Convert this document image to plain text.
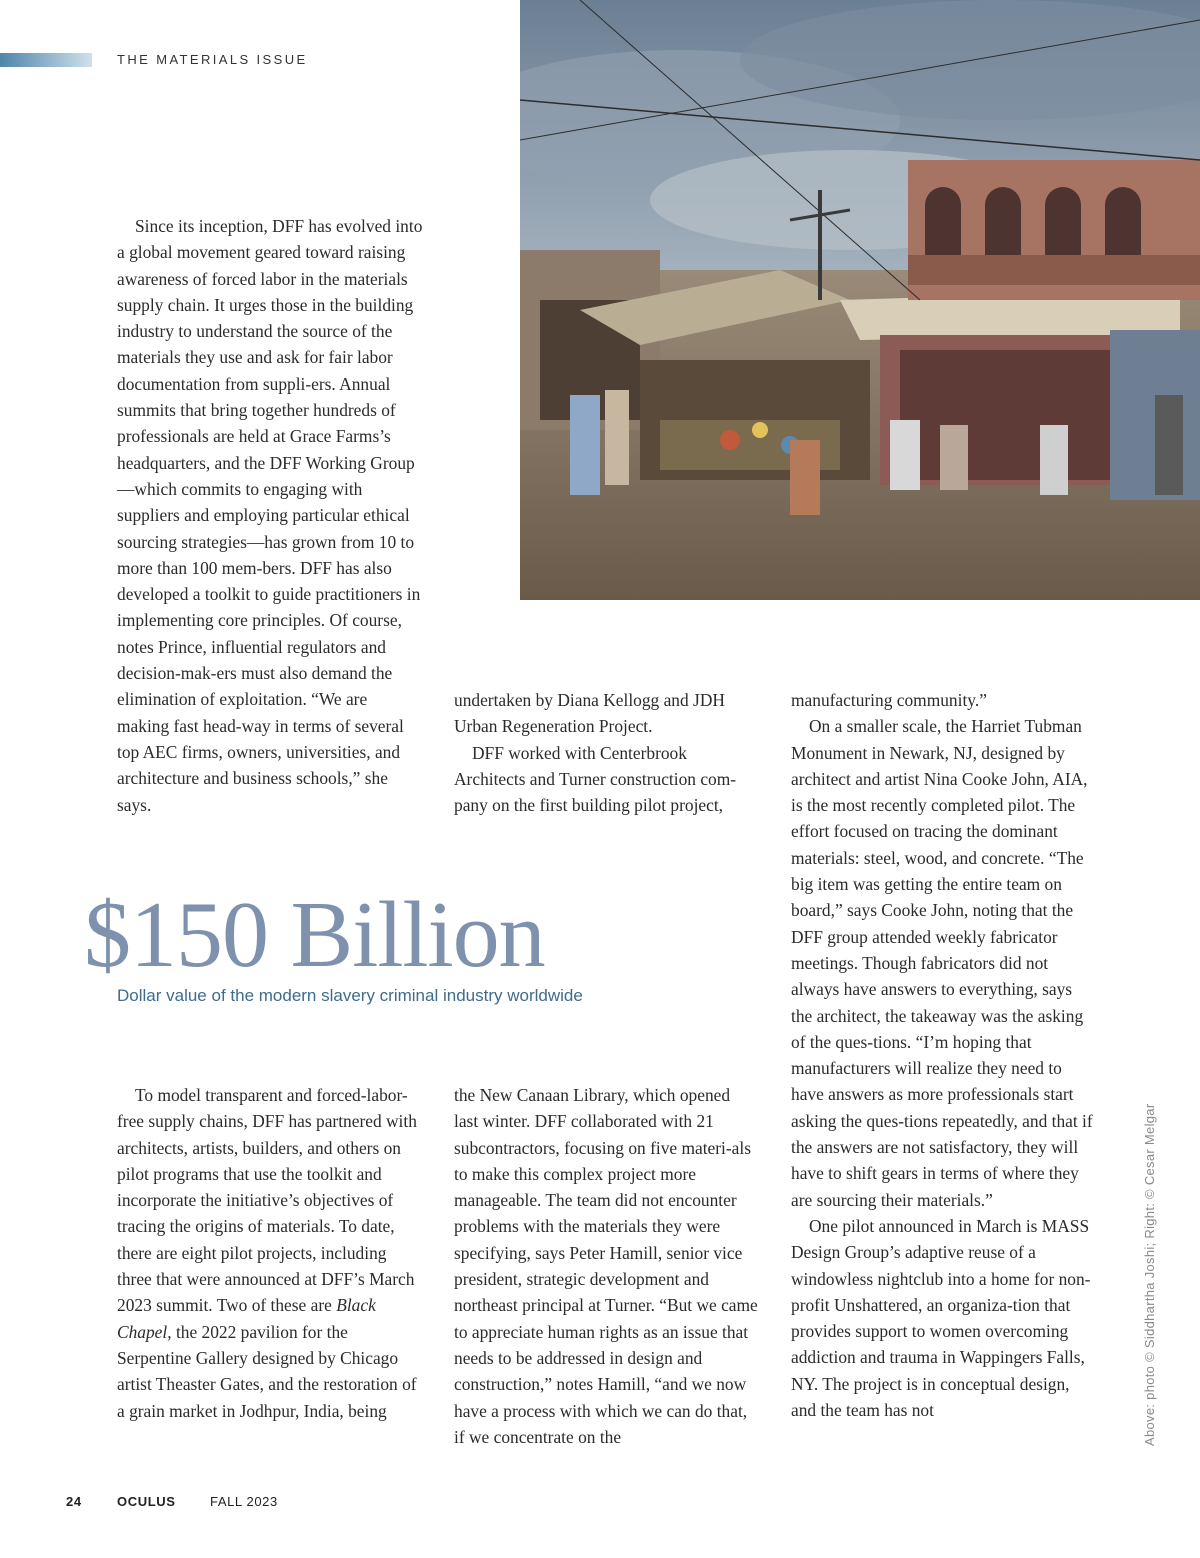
THE MATERIALS ISSUE

Since its inception, DFF has evolved into a global movement geared toward raising awareness of forced labor in the materials supply chain. It urges those in the building industry to understand the source of the materials they use and ask for fair labor documentation from suppli-ers. Annual summits that bring together hundreds of professionals are held at Grace Farms’s headquarters, and the DFF Working Group—which commits to engaging with suppliers and employing particular ethical sourcing strategies—has grown from 10 to more than 100 mem-bers. DFF has also developed a toolkit to guide practitioners in implementing core principles. Of course, notes Prince, influential regulators and decision-mak-ers must also demand the elimination of exploitation. “We are making fast head-way in terms of several top AEC firms, owners, universities, and architecture and business schools,” she says.

undertaken by Diana Kellogg and JDH Urban Regeneration Project.

DFF worked with Centerbrook Architects and Turner construction com-pany on the first building pilot project,

manufacturing community.”

On a smaller scale, the Harriet Tubman Monument in Newark, NJ, designed by architect and artist Nina Cooke John, AIA, is the most recently completed pilot. The effort focused on tracing the dominant materials: steel, wood, and concrete. “The big item was getting the entire team on board,” says Cooke John, noting that the DFF group attended weekly fabricator meetings. Though fabricators did not always have answers to everything, says the architect, the takeaway was the asking of the ques-tions. “I’m hoping that manufacturers will realize they need to have answers as more professionals start asking the ques-tions repeatedly, and that if the answers are not satisfactory, they will have to shift gears in terms of where they are sourcing their materials.”

One pilot announced in March is MASS Design Group’s adaptive reuse of a windowless nightclub into a home for non-profit Unshattered, an organiza-tion that provides support to women overcoming addiction and trauma in Wappingers Falls, NY. The project is in conceptual design, and the team has not

$150 Billion
Dollar value of the modern slavery criminal industry worldwide

To model transparent and forced-labor-free supply chains, DFF has partnered with architects, artists, builders, and others on pilot programs that use the toolkit and incorporate the initiative’s objectives of tracing the origins of materials. To date, there are eight pilot projects, including three that were announced at DFF’s March 2023 summit. Two of these are Black Chapel, the 2022 pavilion for the Serpentine Gallery designed by Chicago artist Theaster Gates, and the restoration of a grain market in Jodhpur, India, being

the New Canaan Library, which opened last winter. DFF collaborated with 21 subcontractors, focusing on five materi-als to make this complex project more manageable. The team did not encounter problems with the materials they were specifying, says Peter Hamill, senior vice president, strategic development and northeast principal at Turner. “But we came to appreciate human rights as an issue that needs to be addressed in design and construction,” notes Hamill, “and we now have a process with which we can do that, if we concentrate on the	Above: photo © Siddhartha Joshi; Right: © Cesar Melgar
24	OCULUS	FALL 2023
